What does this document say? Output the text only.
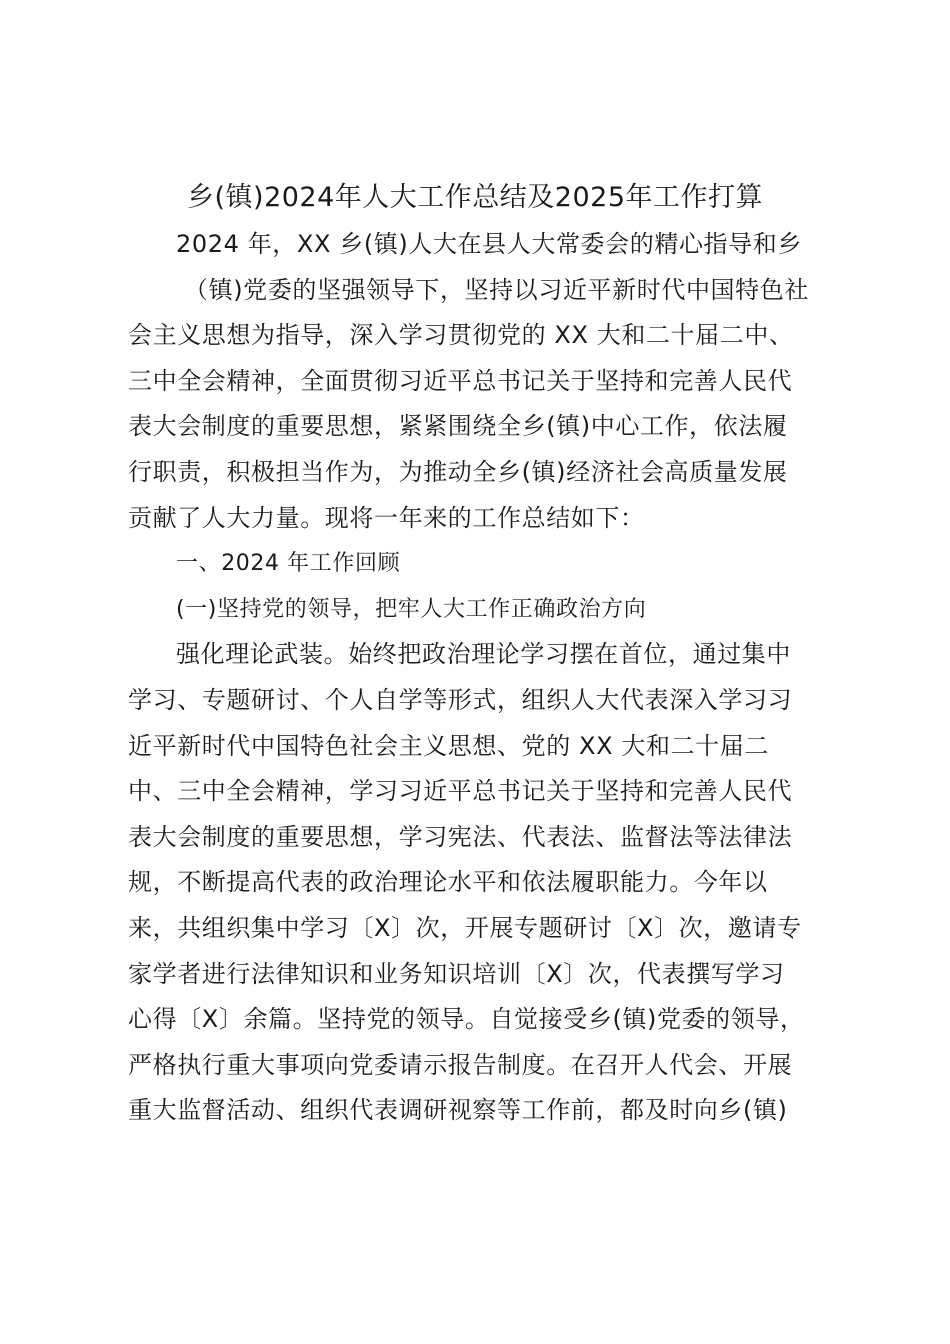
乡(镇)2024年人大工作总结及2025年工作打算
2024 年，XX 乡(镇)人大在县人大常委会的精心指导和乡
（镇)党委的坚强领导下，坚持以习近平新时代中国特色社
会主义思想为指导，深入学习贯彻党的 XX 大和二十届二中、
三中全会精神，全面贯彻习近平总书记关于坚持和完善人民代
表大会制度的重要思想，紧紧围绕全乡(镇)中心工作，依法履
行职责，积极担当作为，为推动全乡(镇)经济社会高质量发展
贡献了人大力量。现将一年来的工作总结如下：
一、2024 年工作回顾
(一)坚持党的领导，把牢人大工作正确政治方向
强化理论武装。始终把政治理论学习摆在首位，通过集中
学习、专题研讨、个人自学等形式，组织人大代表深入学习习
近平新时代中国特色社会主义思想、党的 XX 大和二十届二
中、三中全会精神，学习习近平总书记关于坚持和完善人民代
表大会制度的重要思想，学习宪法、代表法、监督法等法律法
规，不断提高代表的政治理论水平和依法履职能力。今年以
来，共组织集中学习〔X〕次，开展专题研讨〔X〕次，邀请专
家学者进行法律知识和业务知识培训〔X〕次，代表撰写学习
心得〔X〕余篇。坚持党的领导。自觉接受乡(镇)党委的领导，
严格执行重大事项向党委请示报告制度。在召开人代会、开展
重大监督活动、组织代表调研视察等工作前，都及时向乡(镇)
